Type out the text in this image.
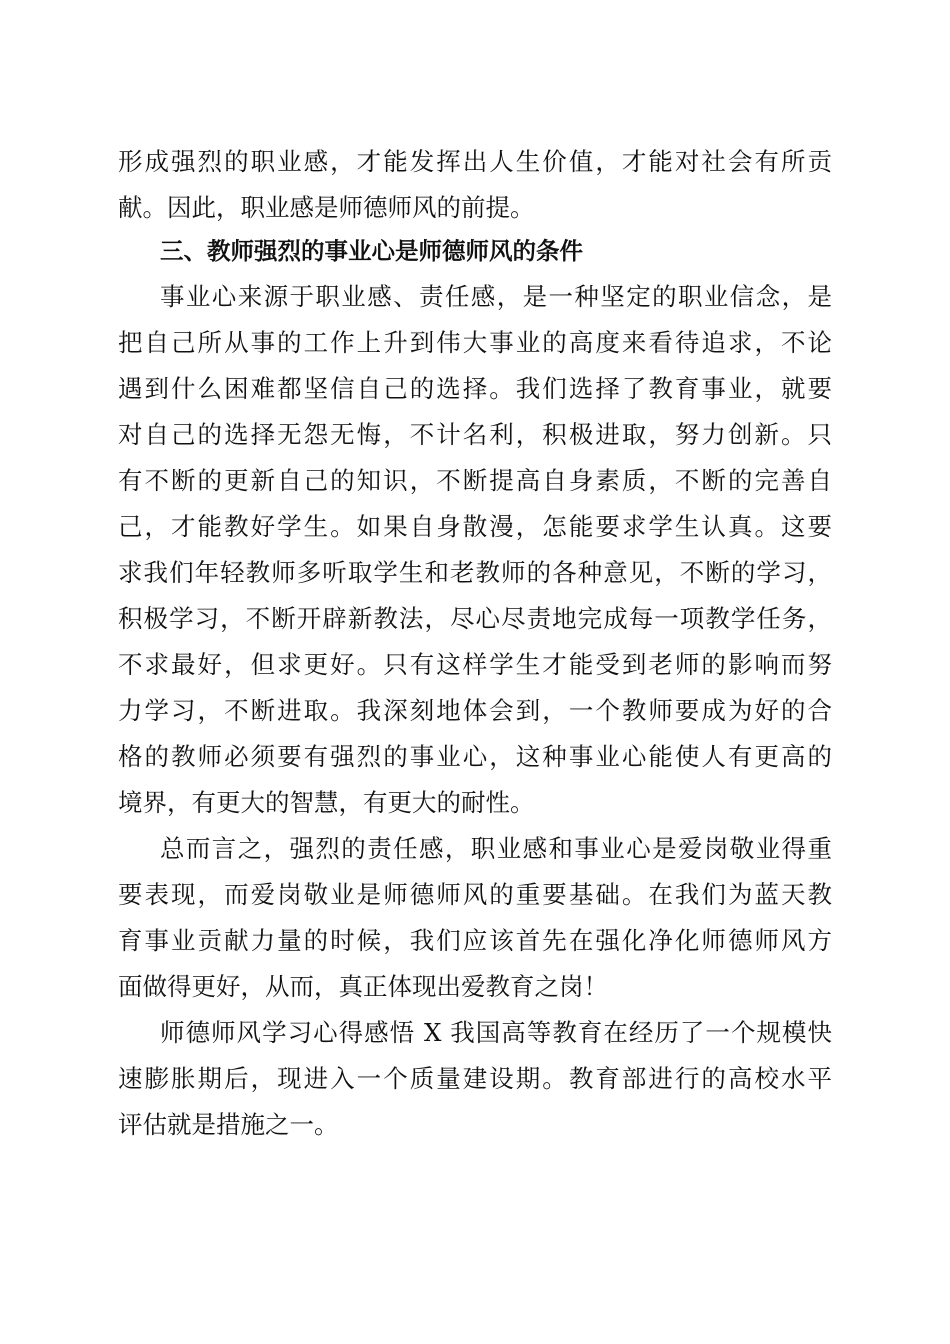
形成强烈的职业感，才能发挥出人生价值，才能对社会有所贡
献。因此，职业感是师德师风的前提。
三、教师强烈的事业心是师德师风的条件
事业心来源于职业感、责任感，是一种坚定的职业信念，是
把自己所从事的工作上升到伟大事业的高度来看待追求，不论
遇到什么困难都坚信自己的选择。我们选择了教育事业，就要
对自己的选择无怨无悔，不计名利，积极进取，努力创新。只
有不断的更新自己的知识，不断提高自身素质，不断的完善自
己，才能教好学生。如果自身散漫，怎能要求学生认真。这要
求我们年轻教师多听取学生和老教师的各种意见，不断的学习，
积极学习，不断开辟新教法，尽心尽责地完成每一项教学任务，
不求最好，但求更好。只有这样学生才能受到老师的影响而努
力学习，不断进取。我深刻地体会到，一个教师要成为好的合
格的教师必须要有强烈的事业心，这种事业心能使人有更高的
境界，有更大的智慧，有更大的耐性。
总而言之，强烈的责任感，职业感和事业心是爱岗敬业得重
要表现，而爱岗敬业是师德师风的重要基础。在我们为蓝天教
育事业贡献力量的时候，我们应该首先在强化净化师德师风方
面做得更好，从而，真正体现出爱教育之岗！
师德师风学习心得感悟 X 我国高等教育在经历了一个规模快
速膨胀期后，现进入一个质量建设期。教育部进行的高校水平
评估就是措施之一。
